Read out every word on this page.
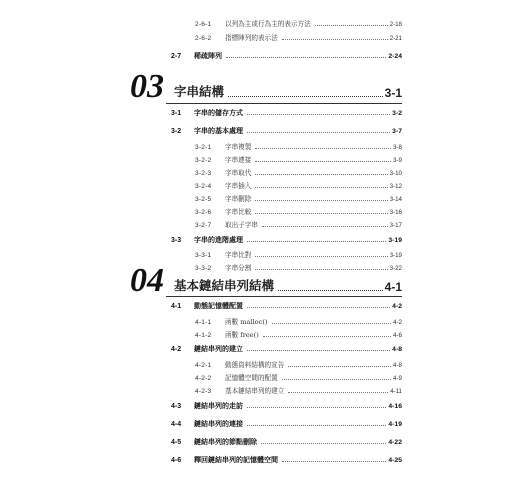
2-6-1	以列為主或行為主的表示方法	2-18
2-6-2	指標陣列的表示法	2-21
2-7	稀疏陣列	2-24
03 字串結構	3-1
3-1	字串的儲存方式	3-2
3-2	字串的基本處理	3-7
3-2-1	字串複製	3-8
3-2-2	字串連接	3-9
3-2-3	字串取代	3-10
3-2-4	字串插入	3-12
3-2-5	字串刪除	3-14
3-2-6	字串比較	3-16
3-2-7	取出子字串	3-17
3-3	字串的進階處理	3-19
3-3-1	字串比對	3-19
3-3-2	字串分割	3-22
04 基本鏈結串列結構	4-1
4-1	動態記憶體配置	4-2
4-1-1	函數 malloc()	4-2
4-1-2	函數 free()	4-6
4-2	鏈結串列的建立	4-8
4-2-1	動態資料結構的宣告	4-8
4-2-2	記憶體空間的配置	4-9
4-2-3	基本鏈結串列的建立	4-11
4-3	鏈結串列的走訪	4-16
4-4	鏈結串列的連接	4-19
4-5	鏈結串列的節點刪除	4-22
4-6	釋回鏈結串列的記憶體空間	4-25
